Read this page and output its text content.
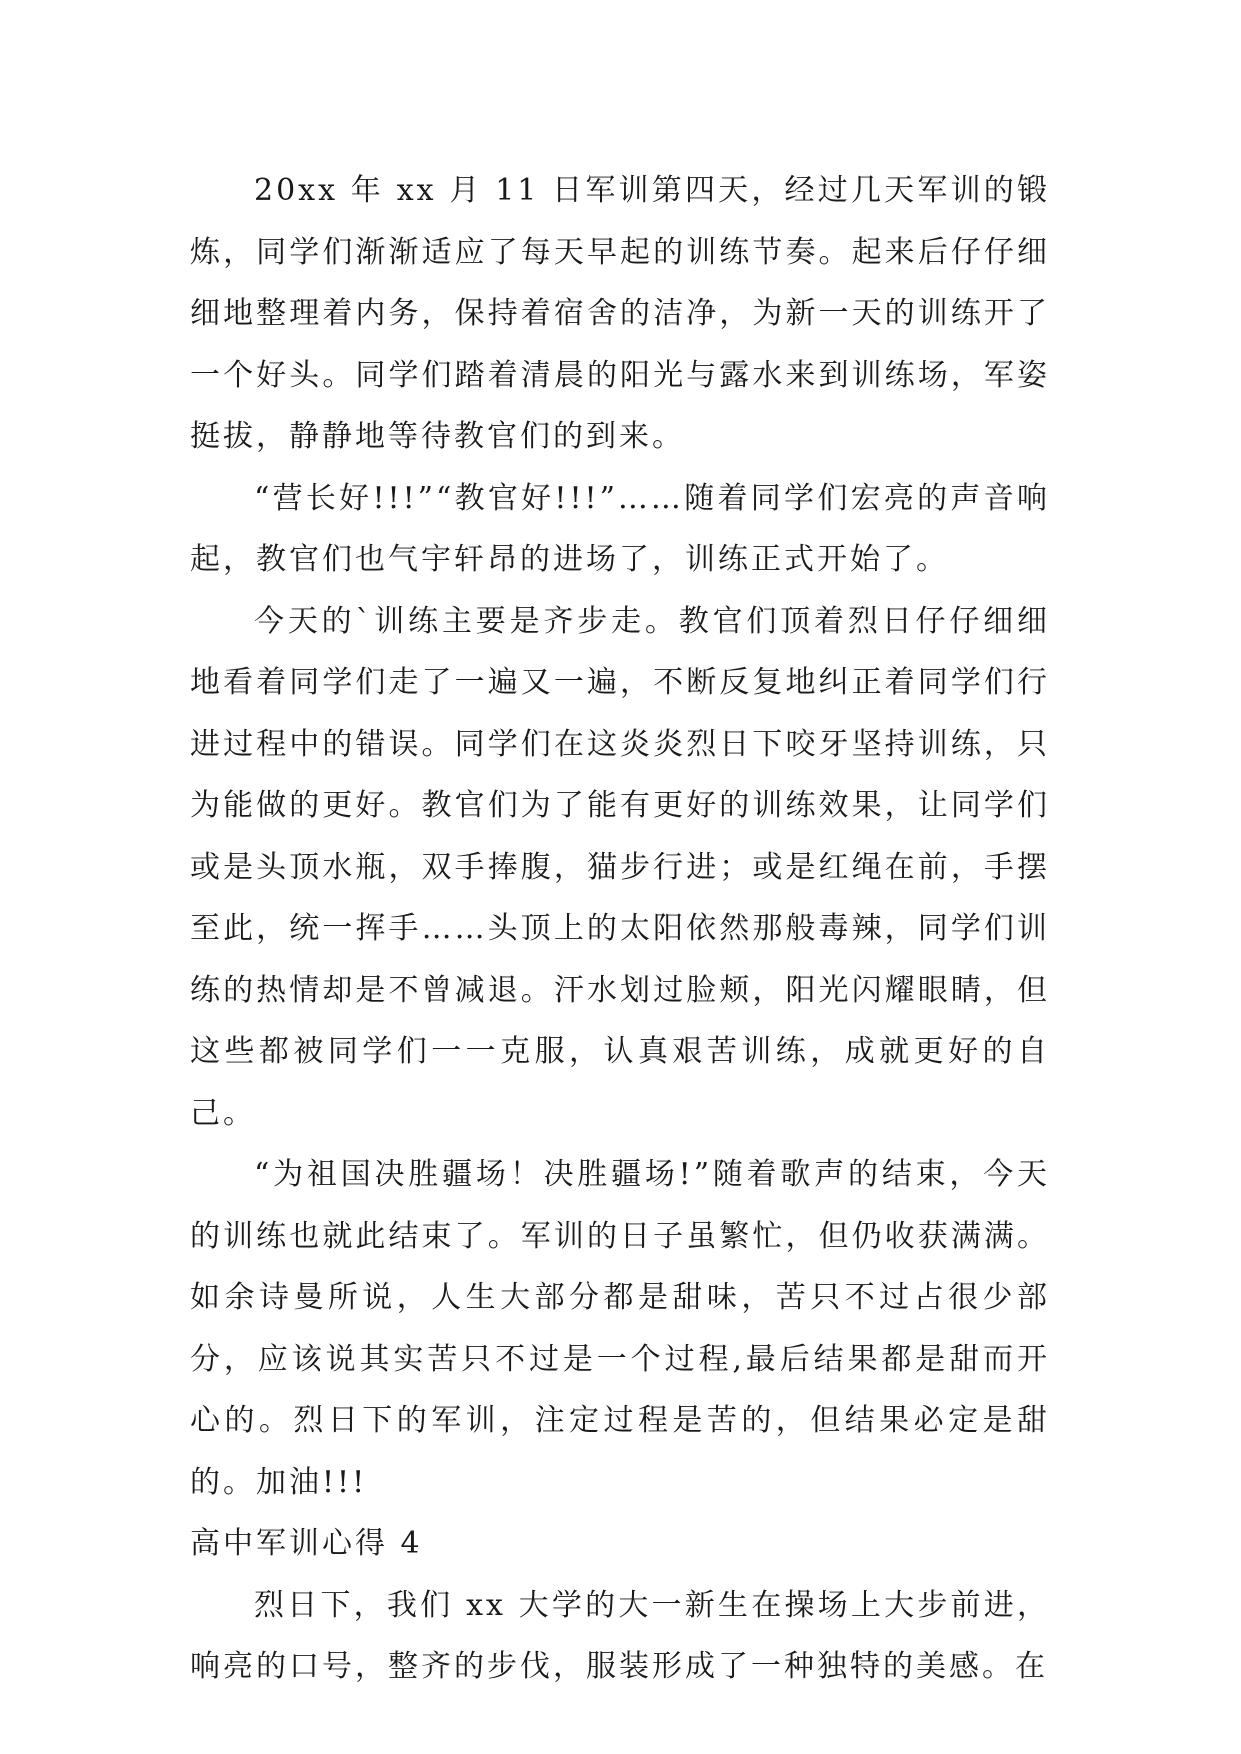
20xx 年 xx 月 11 日军训第四天，经过几天军训的锻炼，同学们渐渐适应了每天早起的训练节奏。起来后仔仔细细地整理着内务，保持着宿舍的洁净，为新一天的训练开了一个好头。同学们踏着清晨的阳光与露水来到训练场，军姿挺拔，静静地等待教官们的到来。

“营长好!!!”“教官好!!!”……随着同学们宏亮的声音响起，教官们也气宇轩昂的进场了，训练正式开始了。

今天的`训练主要是齐步走。教官们顶着烈日仔仔细细地看着同学们走了一遍又一遍，不断反复地纠正着同学们行进过程中的错误。同学们在这炎炎烈日下咬牙坚持训练，只为能做的更好。教官们为了能有更好的训练效果，让同学们或是头顶水瓶，双手捧腹，猫步行进；或是红绳在前，手摆至此，统一挥手……头顶上的太阳依然那般毒辣，同学们训练的热情却是不曾减退。汗水划过脸颊，阳光闪耀眼睛，但这些都被同学们一一克服，认真艰苦训练，成就更好的自己。

“为祖国决胜疆场！决胜疆场!”随着歌声的结束，今天的训练也就此结束了。军训的日子虽繁忙，但仍收获满满。如余诗曼所说，人生大部分都是甜味，苦只不过占很少部分，应该说其实苦只不过是一个过程,最后结果都是甜而开心的。烈日下的军训，注定过程是苦的，但结果必定是甜的。加油!!!

高中军训心得 4

烈日下，我们 xx 大学的大一新生在操场上大步前进，响亮的口号，整齐的步伐，服装形成了一种独特的美感。在
